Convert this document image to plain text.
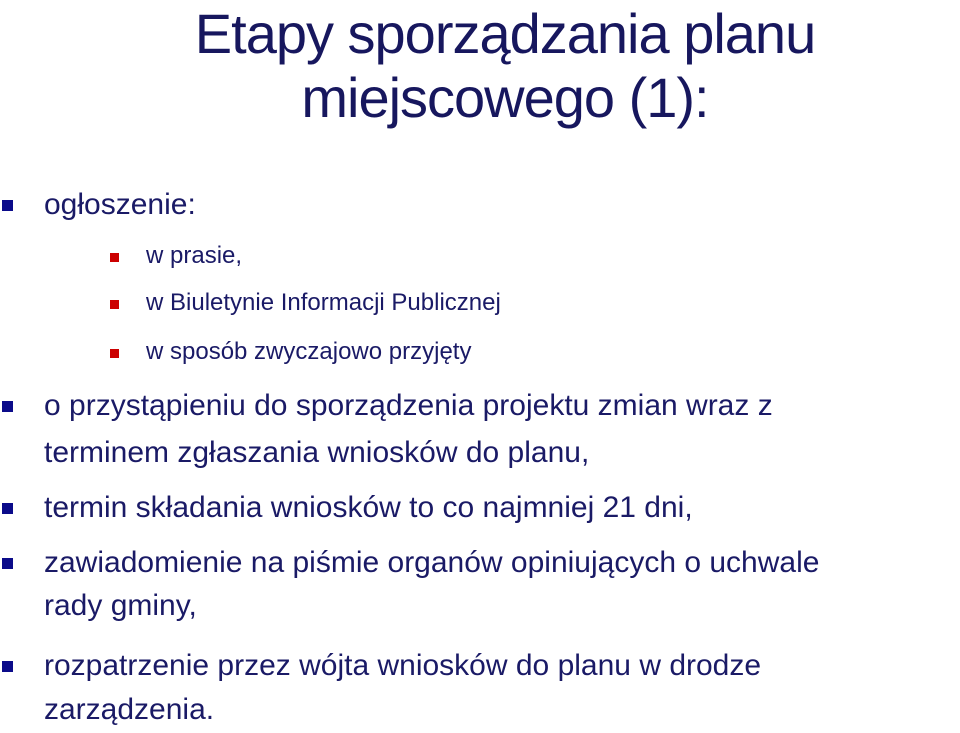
Etapy sporządzania planu
miejscowego (1):
ogłoszenie:
w prasie,
w Biuletynie Informacji Publicznej
w sposób zwyczajowo przyjęty
o przystąpieniu do sporządzenia projektu zmian wraz z
terminem zgłaszania wniosków do planu,
termin składania wniosków to co najmniej 21 dni,
zawiadomienie na piśmie organów opiniujących o uchwale
rady gminy,
rozpatrzenie przez wójta wniosków do planu w drodze
zarządzenia.
